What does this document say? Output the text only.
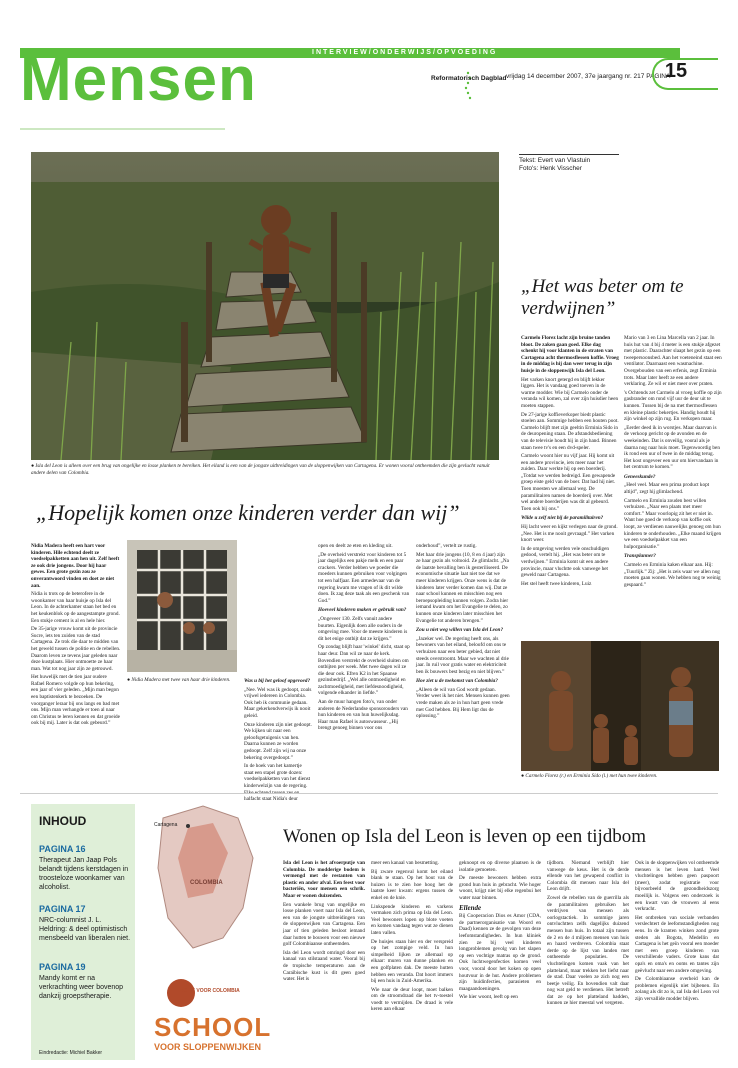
INTERVIEW/ONDERWIJS/OPVOEDING
Mensen	Reformatorisch Dagblad vrijdag 14 december 2007, 37e jaargang nr. 217 PAGINA
15
● Isla del Leon is alleen over een brug van ongelijke en losse planken te bereiken. Het eiland is een van de jongste uitbreidingen van de sloppenwijken van Cartagena. Er wonen vooral ontheemden die zijn gevlucht vanuit andere delen van Colombia.
Tekst: Evert van Vlastuin
Foto's: Henk Visscher
„Het was beter om te verdwijnen”

Carmelo Florez lacht zijn bruine tanden bloot. De zaken gaan goed. Elke dag schenkt hij voor klanten in de straten van Cartagena acht thermosflessen koffie. Vroeg in de middag is hij dan weer terug in zijn huisje in de sloppenwijk Isla del Leon.

Het varken knort getergd en blijft lekker liggen. Het is vandaag goed toeven in de warme modder. Wie bij Carmelo onder de veranda wil komen, zal over zijn huisdier heen moeten stappen.

De 27-jarige koffieverkoper biedt plastic stoelen aan. Sommige hebben een houten poot. Carmelo blijft met zijn geeltin Erminia Sido in de deuropening staan. De afstandsbediening van de televisie houdt hij in zijn hand. Binnen staan twee tv's en een dvd-speler.

Carmelo woont hier nu vijf jaar. Hij komt uit een andere provincie, iets meer naar het zuiden. Daar werkte hij op een boerderij. „Totdat we werden bedreigd. Een gewapende groep eiste geld van de boer. Dat had hij niet. Toen moesten we allemaal weg. De paramilitairen namen de boerderij over. Met wel andere boerderijen was dit al gebeurd. Toen ook bij ons.”

Wilde u zelf niet bij de paramilitairen?

Hij lacht weer en kijkt verlegen naar de grond. „Nee. Het is me nooit gevraagd.” Het varken knort weer.

In de omgeving werden vele onschuldigen gedood, vertelt hij. „Het was beter om te verdwijnen.” Erminia komt uit een andere provincie, maar vluchtte ook vanwege het geweld naar Cartagena.

Het stel heeft twee kinderen, Luiz

Mario van 3 en Lina Marcella van 2 jaar. In huis hut van 4 bij 4 meter is een stukje afgezet met plastic. Daarachter slaapt het gezin op een tweepersoonsbed. Aan het voeteneind staat een ventilator. Daarnaast een wasmachine. Overgebouden van een erfenis, zegt Erminia trots. Maar later heeft ze een andere verklaring. Ze wil er niet meer over praten.

's Ochtends zet Carmelo al vroeg koffie op zijn gasbrander om rond vijf uur de deur uit te kunnen. Tussen bij de na met thermosflessen en kleine plastic bekertjes. Handig houdt hij zijn winkel op zijn rug. En verkopen maar.

„Eerder deed ik in worstjes. Maar daarvan is de verkoop gericht op de avonden en de weekeinden. Dat is onveilig, vooral als je daarna nog naar huis moet. Tegenwoordig ben ik rond een uur of twee in de middag terug. Het kost ongeveer een uur om hiervandaan in het centrum te komen.”

Geneeskunde?

„Heel veel. Maar een prima product kopt altijd”, zegt hij glimlachend.

Carmelo en Erminia zouden best willen verhuizen. „Naar een plaats met meer comfort.” Maar voorlopig zit het er niet in. Want hoe goed de verkoop van koffie ook loopt, ze verdienen nauwelijks genoeg om hun kinderen te onderhouden. „Elke maand krijgen we een voedselpakket van een hulporganisatie.”

Transplanner?

Carmelo en Erminia kaken elkaar aan. Hij: „Tuurlijk.” Zij: „Het is zeis waar we allen nog moeten gaan wonen. We hebben nog te weinig gespaard.”

„Hopelijk komen onze kinderen verder dan wij”

Nidia Madera heeft een hart voor kinderen. Hile echtend deelt ze voedselpakketten aan hen uit. Zelf heeft ze ook drie jongens. Door hij haar gewes. Een grote gezin zou ze onverantwoord vinden en doet ze niet aan.

Nidia is trots op de beterofere in de woonkamer van haar huisje op Isla del Leon. In de achterkamer staan het bed en het keukenblok op de aangestampte grond. Een stukje cement is al en hele hier.

De 35-jarige vrouw komt uit de provincie Sucre, iets ten zuiden van de stad Cartagena. Ze trok die daar te midden van het geweld tussen de politie en de rebellen. Daarom leven ze tevens jaar geleden naar deze kustplaats. Hier ontmoette ze haar man. Wat tot nog jaar zijn ze getrouwd.

Het huwelijk met de tien jaar oudere Rafael Romero volgde op hun bekering, een jaar of vier geleden. „Mijn man begon een baptistenkerk te bezoeken. De voorganger leraar bij ons langs en bad met ons. Mijn man verhangde er toen al naar om Christus te leren kennen en dat groeide ook bij mij. Later is dat ook gebeurd.”

● Nidia Madera met twee van haar drie kinderen.	Was u bij het geloof opgevoed?

„Nee. Wel was ik gedoopt, zoals vrijwel iedereen in Colombia. Ook heb ik communie gedaan. Maar gekerkendverwijs ik nooit geleid.

Onze kinderen zijn niet gedoopt. We kijken uit naar een geloofsgetuigenis van hen. Daarna kunnen ze worden gedoopt. Zelf zijn wij na onze bekering overgedoopt.”

In de hoek van het kamertje staat een stapel grote dozen: voedselpakketten van het dienst kinderwelzijn van de regering. halfacht staat Nidia's deur

open en deelt ze eten en kleding uit.

„De overheid verstrekt voor kinderen tot 5 jaar dagelijks een pakje melk en een paar crackers. Verder hebben we poeder die moeders kunnen gebruiken voor volgingen tot een halfjaar. Een armedevaar van de regering kwam me vragen of ik dit wilde doen. Ik zag deze taak als een geschenk van God.”

Hoeveel kinderen maken er gebruik van?

„Ongeveer 130. Zelfs vanuit andere buurten. Eigenlijk doen alle ouders in de omgeving mee. Voor de meeste kinderen is dit het enige ontbijt dat ze krijgen.”

Op zondag blijft haar 'winkel' dicht, staat op haar deur. Dan wil ze naar de kerk. Bovendien verstrekt de overheid sluiten om ontbijten per week. Met twee dagen wil ze die deur ook. Efren K2 in het Spaanse gezinsbedrijf. „Wel alle ontmoedigheid en zachtmoedigheid, met liefdesnoodigheid, volgende elkander in liefde.”

Aan de muur hangen foto's, van onder anderen de Nederlandse sponsorouders van hun kinderen en van hun huwelijksdag. Haar man Rafael is autoswasseur. „Hij brengt genoeg binnen voor ons

onderhoud”, vertelt ze rustig.

Met haar drie jongens (10, 8 en 4 jaar) zijn ze haar gezin als voltooid. Ze glimlacht. „Na de laatste bevalling ben ik gesteriliseerd. De economische situatie laat niet toe dat we meer kinderen krijgen. Onze wens is dat de kinderen later verder komen dan wij. Dat ze naar school kunnen en misschien nog een beroepsopleiding kunnen volgen. Zodra hier iemand kwam om het Evangelie te delen, zo kunnen onze kinderen later misschien het Evangelie tot anderen brengen.”

Zou u niet weg willen van Isla del Leon?

„Jazeker wel. De regering heeft ons, als bewoners van het eiland, beloofd om ons te verhuizen naar een beter gebied, dat niet steeds overstroomt. Maar we wachten al drie jaar. In ruil voor gratis water en elektriciteit ben ik bouwers best bezig en niet blijven.”

Hoe ziet u de toekomst van Colombia?

„Alleen de wil van God wordt gedaan. Verder weet ik het niet. Mensen kunnen geen vrede maken als ze in hun hart geen vrede met God hebben. Bij Hem ligt dus de oplossing.”

● Carmelo Florez (r.) en Erminia Sido (l.) met hun twee kinderen.
INHOUD
PAGINA 16
Therapeut Jan Jaap Pols belandt tijdens kerstdagen in troosteloze woonkamer van alcoholist.
PAGINA 17
NRC-columnist J. L. Heldring: & deel optimistisch mensbeeld van liberalen niet.
PAGINA 19
Mandy komt er na verkrachting weer bovenop dankzij groepstherapie.
Eindredactie: Michiel Bakker
Cartagena
COLOMBIA
ACTIE VOOR COLOMBIA
SCHOOL
VOOR SLOPPENWIJKEN
Wonen op Isla del Leon is leven op een tijdbom

Isla del Leon is het afvoerputje van Colombia. De modderige bodem is vermengd met de restanten van plastic en ander afval. Een feest voor bacteriën, voor mensen een schrik. Maar er wonen duizenden.

Een wankele brug van ongelijke en losse planken voert naar Isla del Leon, een van de jongste uitbreidingen van de sloppenwijken van Cartagena. Een jaar of tien geleden besloot iemand daar hutten te bouwen voor een nieuwe golf Colombiaanse ontheemden.

Isla del Leon wordt omringd door een kanaal van stilstaand water. Vooral bij de tropische temperaturen aan de Caraïbische kust is dit geen goed water. Het is

meer een kanaal van besmetting.

Bij zware regenval komt het eiland blank te staan. Op het hout van de huizen is te zien hoe hoog het de laatste keer kwam: ergens tussen de enkel en de knie.

Linkspende kinderen en varkens vermaken zich prima op Isla del Leon. Veel bewoners lopen op blote voeten en komen vandaag tegen wat ze dienen laten vallen.

De huisjes staan hier en der verspreid op het zompige veld. In hun simpelheid lijken ze allemaal op elkaar: muren van dunne planken en een golfplaten dak. De meeste hutten hebben een veranda. Dat hoort immers bij een huis in Zuid-Amerika.

Wie naar de deur loopt, moet balken om de stroomdraad die het tv-toestel voedt te vermijden. De draad is vele keren aan elkaar

geknoopt en op diverse plaatsen is de isolatie gemoeten.

De meeste bewoners hebben extra grond hun huis in gebracht. Wie hoger woont, krijgt niet bij elke regenbui het water naar binnen.

Ellende

Bij Cooperacion Dios es Amor (CDA, de partnerorganisatie van Woord en Daad) kennen ze de gevolgen van deze leefomstandigheden. In hun kliniek zien ze bij veel kinderen longproblemen gevolg van het slapen op een vochtige matras op de grond. Ook luchtwegenfecties komen veel voor, vooral door het koken op open houtvuur in de hut. Andere problemen zijn huidinfecties, parasieten en maagaandoeningen.

Wie hier woont, leeft op een

tijdbom. Niemand verblijft hier vanwege de keus. Het is de derde ellende van het gewapend conflict in Colombia dit mensen naar Isla del Leon drijft.

Zowel de rebellen van de guerrilla als de paramilitairen gebruiken het verdrijven van mensen als oorlogstactiek. In sommige jaren ontvluchtten zelfs dagelijks duizend mensen hun huis. In totaal zijn tussen de 2 en de 4 miljoen mensen van huis en haard verdreven. Colombia staat derde op de lijst van landen met ontheemde populaties. De vluchtelingen komen vaak van het platteland, maar trekken het liefst naar de stad. Daar voelen ze zich nog een beetje veilig. En bovendien valt daar nog wat geld te verdienen. Het betreft dat ze op het platteland hadden, kunnen ze hier meestal wel vergeten.

Ook in de sloppenwijken vol ontheemde mensen is het leven hard. Veel vluchtelingen hebben geen paspoort (meer), zodat registratie voor bijvoorbeeld de gezondheidszorg moeilijk is. Volgens een onderzoek is een kwart van de vrouwen al eens verkracht.

Het ontbreken van sociale verbanden verslechtert de leefomstandigheden nog eens. In de kranten winken zond grote steden als Bogota, Medellin en Cartagena is het geïn vooral een moeder met een groep kinderen van verschillende vaders. Grote kans dat opa's en oma's en ooms en tantes zijn geëvlucht naar een andere omgeving.

De Colombiaanse overheid kan de problemen eigenlijk niet bijbenen. En zolang als dit zo is, zal Isla del Leon vol zijn vervallide modder blijven.
